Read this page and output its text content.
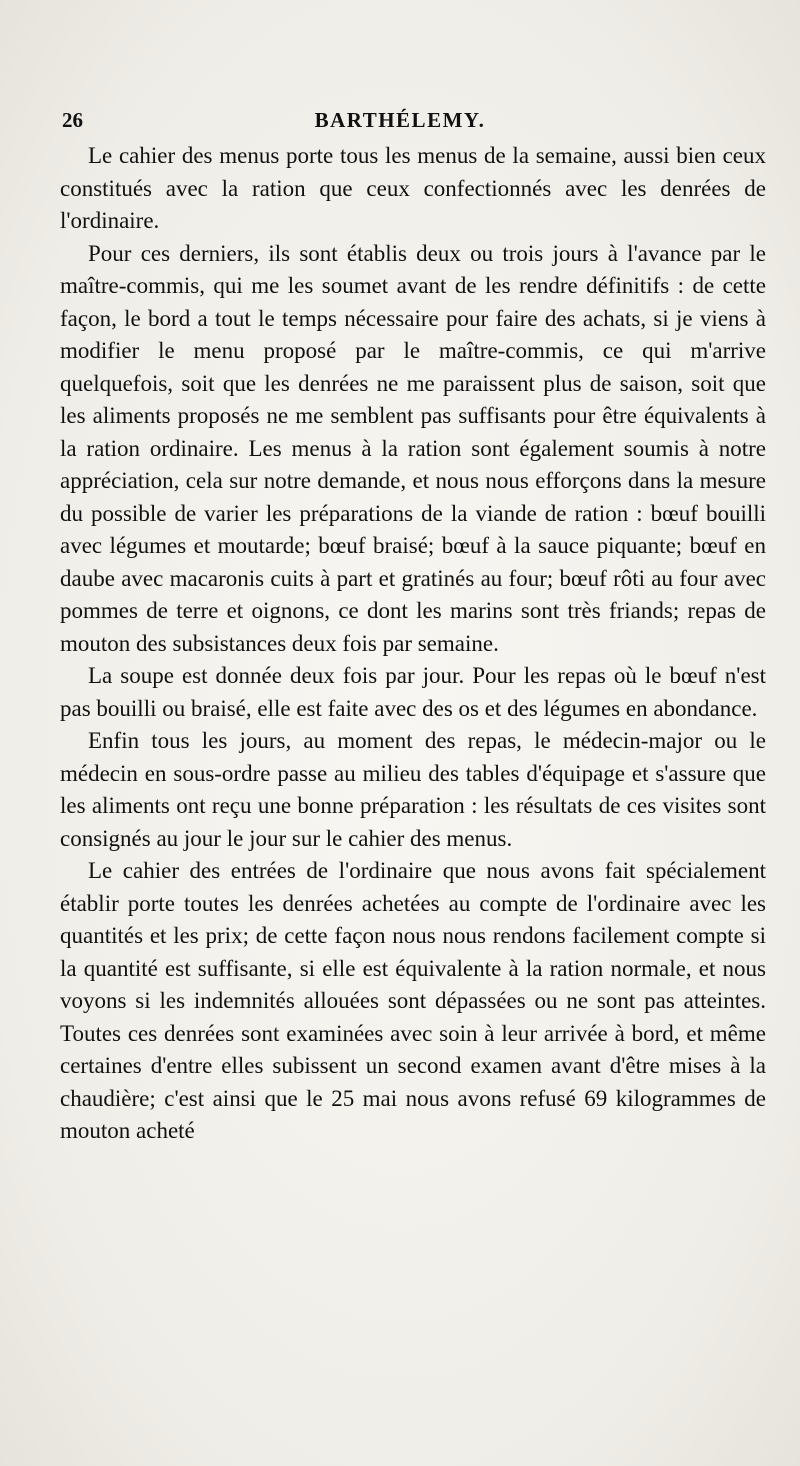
26	BARTHÉLEMY.

Le cahier des menus porte tous les menus de la semaine, aussi bien ceux constitués avec la ration que ceux confectionnés avec les denrées de l'ordinaire.

Pour ces derniers, ils sont établis deux ou trois jours à l'avance par le maître-commis, qui me les soumet avant de les rendre définitifs : de cette façon, le bord a tout le temps nécessaire pour faire des achats, si je viens à modifier le menu proposé par le maître-commis, ce qui m'arrive quelquefois, soit que les denrées ne me paraissent plus de saison, soit que les aliments proposés ne me semblent pas suffisants pour être équivalents à la ration ordinaire. Les menus à la ration sont également soumis à notre appréciation, cela sur notre demande, et nous nous efforçons dans la mesure du possible de varier les préparations de la viande de ration : bœuf bouilli avec légumes et moutarde; bœuf braisé; bœuf à la sauce piquante; bœuf en daube avec macaronis cuits à part et gratinés au four; bœuf rôti au four avec pommes de terre et oignons, ce dont les marins sont très friands; repas de mouton des subsistances deux fois par semaine.

La soupe est donnée deux fois par jour. Pour les repas où le bœuf n'est pas bouilli ou braisé, elle est faite avec des os et des légumes en abondance.

Enfin tous les jours, au moment des repas, le médecin-major ou le médecin en sous-ordre passe au milieu des tables d'équipage et s'assure que les aliments ont reçu une bonne préparation : les résultats de ces visites sont consignés au jour le jour sur le cahier des menus.

Le cahier des entrées de l'ordinaire que nous avons fait spécialement établir porte toutes les denrées achetées au compte de l'ordinaire avec les quantités et les prix; de cette façon nous nous rendons facilement compte si la quantité est suffisante, si elle est équivalente à la ration normale, et nous voyons si les indemnités allouées sont dépassées ou ne sont pas atteintes. Toutes ces denrées sont examinées avec soin à leur arrivée à bord, et même certaines d'entre elles subissent un second examen avant d'être mises à la chaudière; c'est ainsi que le 25 mai nous avons refusé 69 kilogrammes de mouton acheté
